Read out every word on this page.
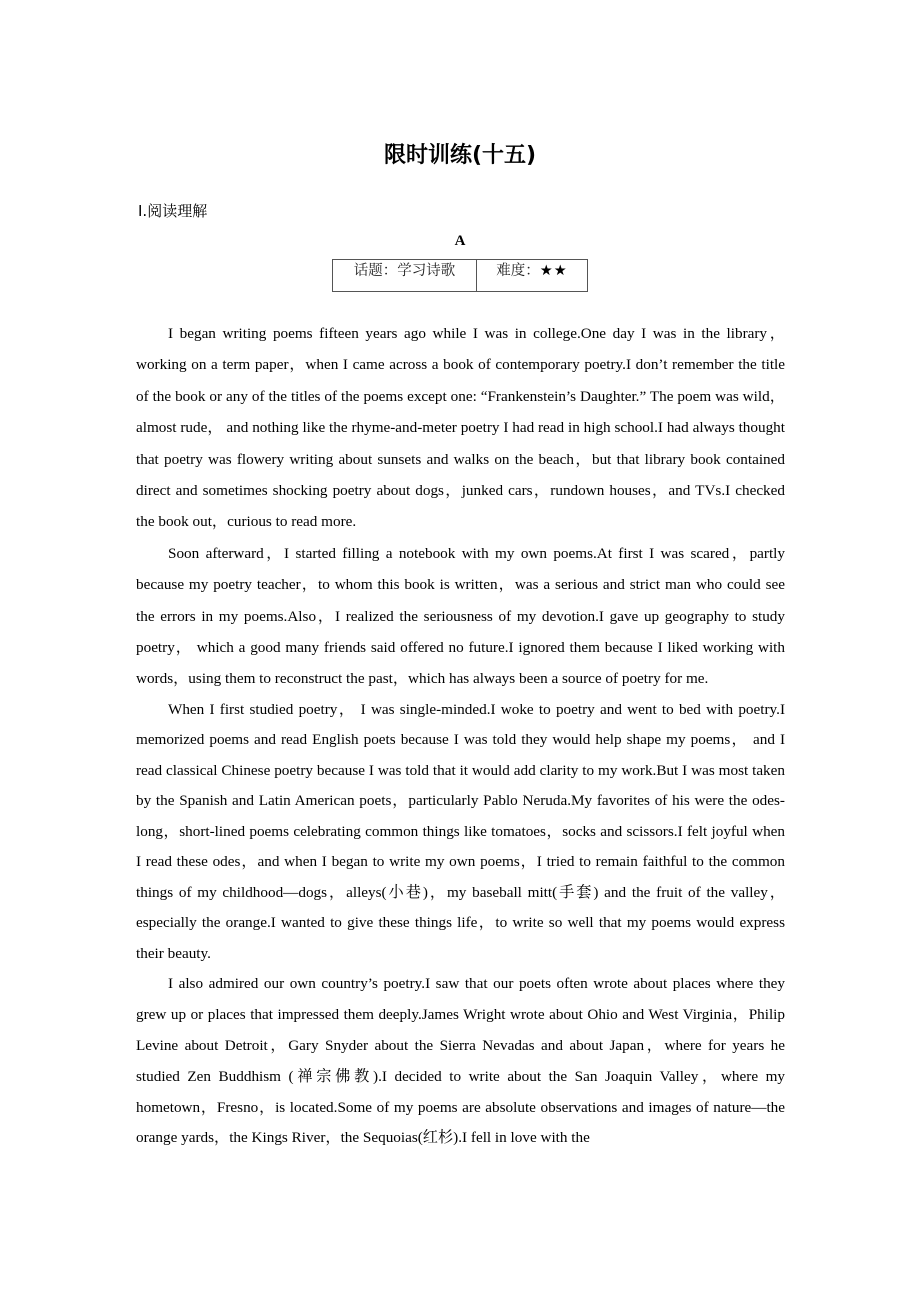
限时训练(十五)
Ⅰ.阅读理解
A
话题：学习诗歌	难度：★★

I began writing poems fifteen years ago while I was in college.One day I was in the library，working on a term paper，when I came across a book of contemporary poetry.I don’t remember the title of the book or any of the titles of the poems except one: “Frankenstein’s Daughter.” The poem was wild， almost rude， and nothing like the rhyme-and-meter poetry I had read in high school.I had always thought that poetry was flowery writing about sunsets and walks on the beach，but that library book contained direct and sometimes shocking poetry about dogs，junked cars，rundown houses，and TVs.I checked the book out，curious to read more.

Soon afterward，I started filling a notebook with my own poems.At first I was scared，partly because my poetry teacher，to whom this book is written，was a serious and strict man who could see the errors in my poems.Also，I realized the seriousness of my devotion.I gave up geography to study poetry， which a good many friends said offered no future.I ignored them because I liked working with words，using them to reconstruct the past，which has always been a source of poetry for me.

When I first studied poetry， I was single-minded.I woke to poetry and went to bed with poetry.I memorized poems and read English poets because I was told they would help shape my poems， and I read classical Chinese poetry because I was told that it would add clarity to my work.But I was most taken by the Spanish and Latin American poets，particularly Pablo Neruda.My favorites of his were the odes-long，short-lined poems celebrating common things like tomatoes，socks and scissors.I felt joyful when I read these odes，and when I began to write my own poems，I tried to remain faithful to the common things of my childhood—dogs，alleys(小巷)，my baseball mitt(手套) and the fruit of the valley，especially the orange.I wanted to give these things life，to write so well that my poems would express their beauty.

I also admired our own country’s poetry.I saw that our poets often wrote about places where they grew up or places that impressed them deeply.James Wright wrote about Ohio and West Virginia，Philip Levine about Detroit，Gary Snyder about the Sierra Nevadas and about Japan，where for years he studied Zen Buddhism (禅宗佛教).I decided to write about the San Joaquin Valley，where my hometown，Fresno，is located.Some of my poems are absolute observations and images of nature—the orange yards，the Kings River，the Sequoias(红杉).I fell in love with the
